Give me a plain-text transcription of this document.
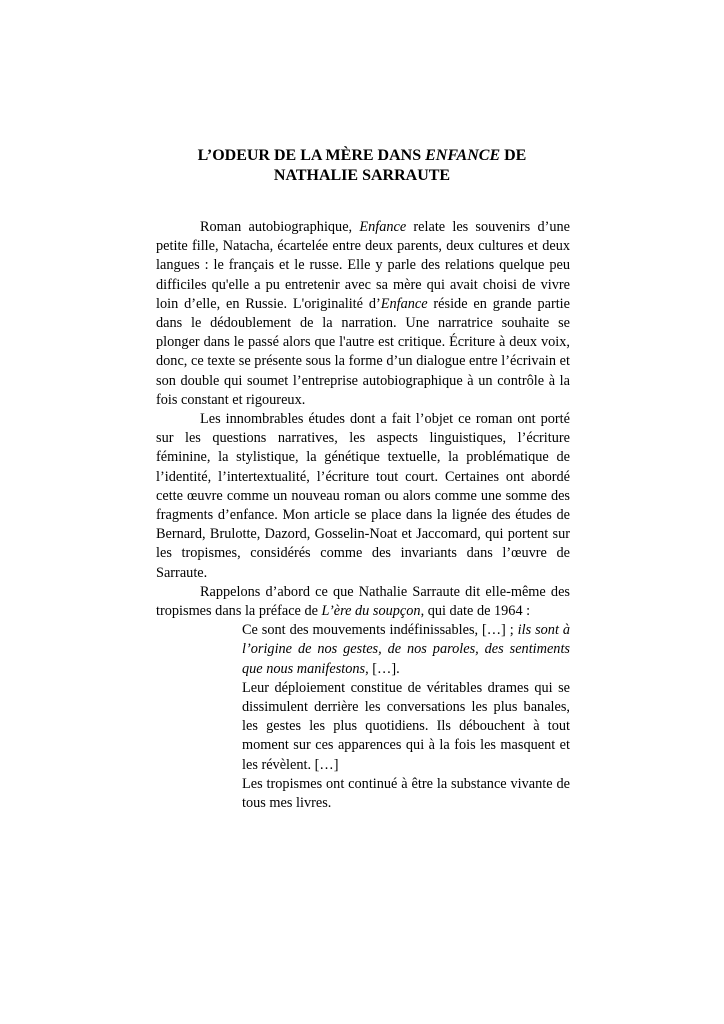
L’ODEUR DE LA MÈRE DANS ENFANCE DE
NATHALIE SARRAUTE

Roman autobiographique, Enfance relate les souvenirs d’une petite fille, Natacha, écartelée entre deux parents, deux cultures et deux langues : le français et le russe. Elle y parle des relations quelque peu difficiles qu'elle a pu entretenir avec sa mère qui avait choisi de vivre loin d’elle, en Russie. L'originalité d’Enfance réside en grande partie dans le dédoublement de la narration. Une narratrice souhaite se plonger dans le passé alors que l'autre est critique. Écriture à deux voix, donc, ce texte se présente sous la forme d’un dialogue entre l’écrivain et son double qui soumet l’entreprise autobiographique à un contrôle à la fois constant et rigoureux.

Les innombrables études dont a fait l’objet ce roman ont porté sur les questions narratives, les aspects linguistiques, l’écriture féminine, la stylistique, la génétique textuelle, la problématique de l’identité, l’intertextualité, l’écriture tout court. Certaines ont abordé cette œuvre comme un nouveau roman ou alors comme une somme des fragments d’enfance. Mon article se place dans la lignée des études de Bernard, Brulotte, Dazord, Gosselin-Noat et Jaccomard, qui portent sur les tropismes, considérés comme des invariants dans l’œuvre de Sarraute.

Rappelons d’abord ce que Nathalie Sarraute dit elle-même des tropismes dans la préface de L’ère du soupçon, qui date de 1964 :

Ce sont des mouvements indéfinissables, […] ; ils sont à l’origine de nos gestes, de nos paroles, des sentiments que nous manifestons, […].

Leur déploiement constitue de véritables drames qui se dissimulent derrière les conversations les plus banales, les gestes les plus quotidiens. Ils débouchent à tout moment sur ces apparences qui à la fois les masquent et les révèlent. […]

Les tropismes ont continué à être la substance vivante de tous mes livres.
